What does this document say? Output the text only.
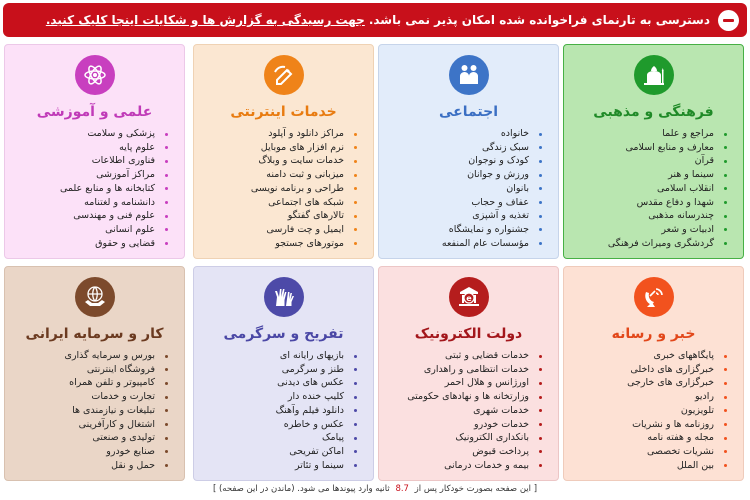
دسترسی به تارنمای فراخوانده شده امکان پذیر نمی باشد.
جهت رسیدگی به گزارش ها و شکایات اینجا کلیک کنید.
فرهنگی و مذهبی
مراجع و علما
معارف و منابع اسلامی
قرآن
سینما و هنر
انقلاب اسلامی
شهدا و دفاع مقدس
چندرسانه مذهبی
ادبیات و شعر
گردشگری ومیراث فرهنگی
اجتماعی
خانواده
سبک زندگی
کودک و نوجوان
ورزش و جوانان
بانوان
عفاف و حجاب
تغذیه و آشپزی
جشنواره و نمایشگاه
مؤسسات عام المنفعه
خدمات اینترنتی
مراکز دانلود و آپلود
نرم افزار های موبایل
خدمات سایت و وبلاگ
میزبانی و ثبت دامنه
طراحی و برنامه نویسی
شبکه های اجتماعی
تالارهای گفتگو
ایمیل و چت فارسی
موتورهای جستجو
علمی و آموزشی
پزشکی و سلامت
علوم پایه
فناوری اطلاعات
مراکز آموزشی
کتابخانه ها و منابع علمی
دانشنامه و لغتنامه
علوم فنی و مهندسی
علوم انسانی
قضایی و حقوق
خبر و رسانه
پایگاههای خبری
خبرگزاری های داخلی
خبرگزاری های خارجی
رادیو
تلویزیون
روزنامه ها و نشریات
مجله و هفته نامه
نشریات تخصصی
بین الملل
e
دولت الکترونیک
خدمات قضایی و ثبتی
خدمات انتظامی و راهداری
اورژانس و هلال احمر
وزارتخانه ها و نهادهای حکومتی
خدمات شهری
خدمات خودرو
بانکداری الکترونیک
پرداخت قبوض
بیمه و خدمات درمانی
تفریح و سرگرمی
بازیهای رایانه ای
طنز و سرگرمی
عکس های دیدنی
کلیپ خنده دار
دانلود فیلم وآهنگ
عکس و خاطره
پیامک
اماکن تفریحی
سینما و تئاتر
کار و سرمایه ایرانی
بورس و سرمایه گذاری
فروشگاه اینترنتی
کامپیوتر و تلفن همراه
تجارت و خدمات
تبلیغات و نیازمندی ها
اشتغال و کارآفرینی
تولیدی و صنعتی
صنایع خودرو
حمل و نقل
[ این صفحه بصورت خودکار پس از 8.7 ثانیه وارد پیوندها می شود. (ماندن در این صفحه) ]
